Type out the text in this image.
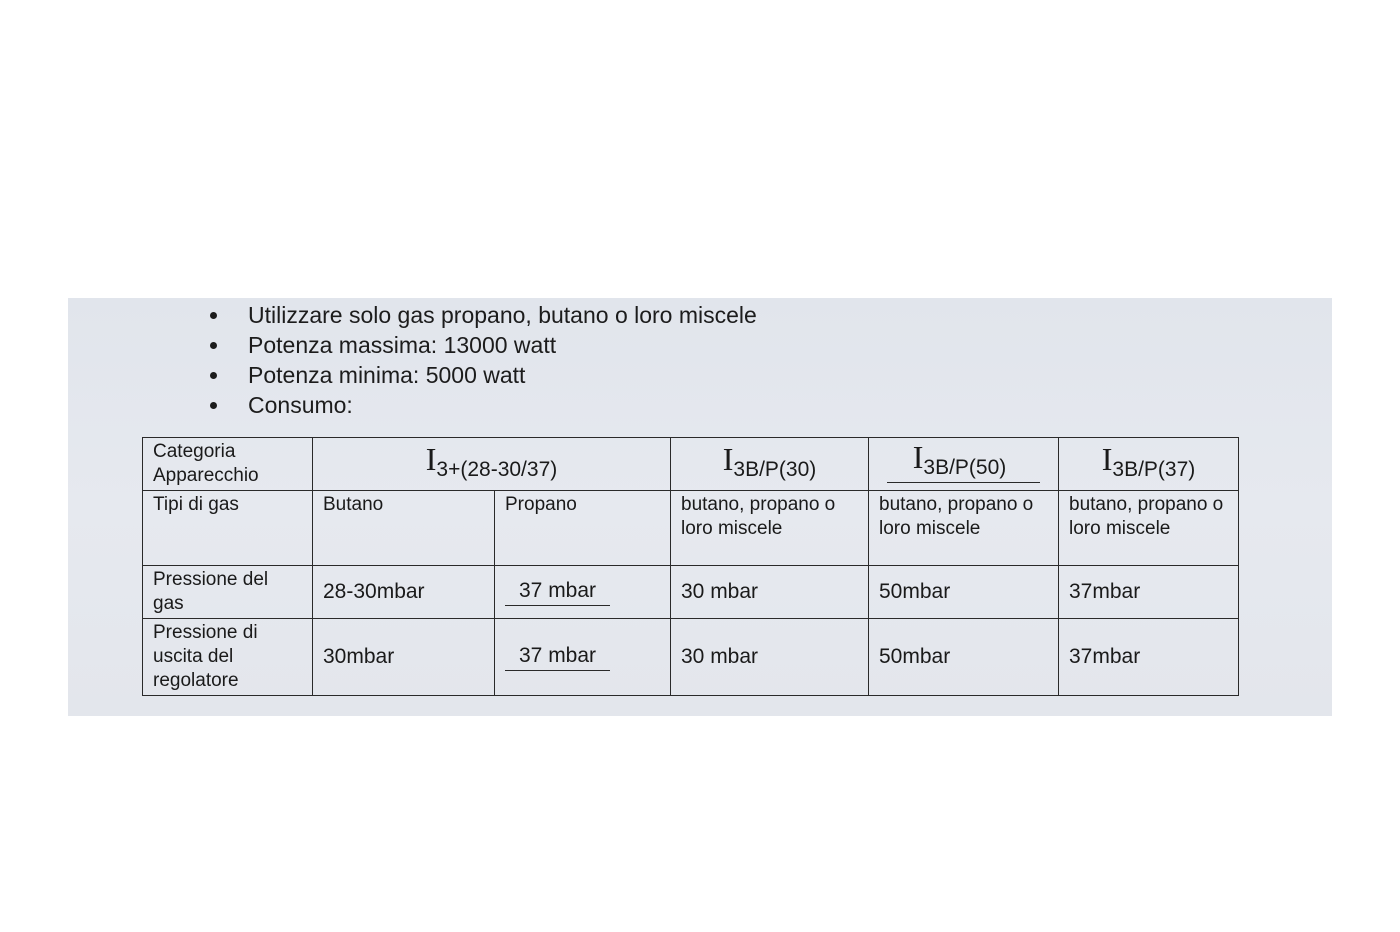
Utilizzare solo gas propano, butano o loro miscele
Potenza massima: 13000 watt
Potenza minima: 5000 watt
Consumo:
Categoria Apparecchio	$I_{3+(28-30/37)}$		$I_{3B/P(30)}$	$I_{3B/P(50)}$	$I_{3B/P(37)}$
Tipi di gas	Butano	Propano	butano, propano o loro miscele	butano, propano o loro miscele	butano, propano o loro miscele
Pressione del gas	28-30mbar	37 mbar	30 mbar	50mbar	37mbar
Pressione di uscita del regolatore	30mbar	37 mbar	30 mbar	50mbar	37mbar
